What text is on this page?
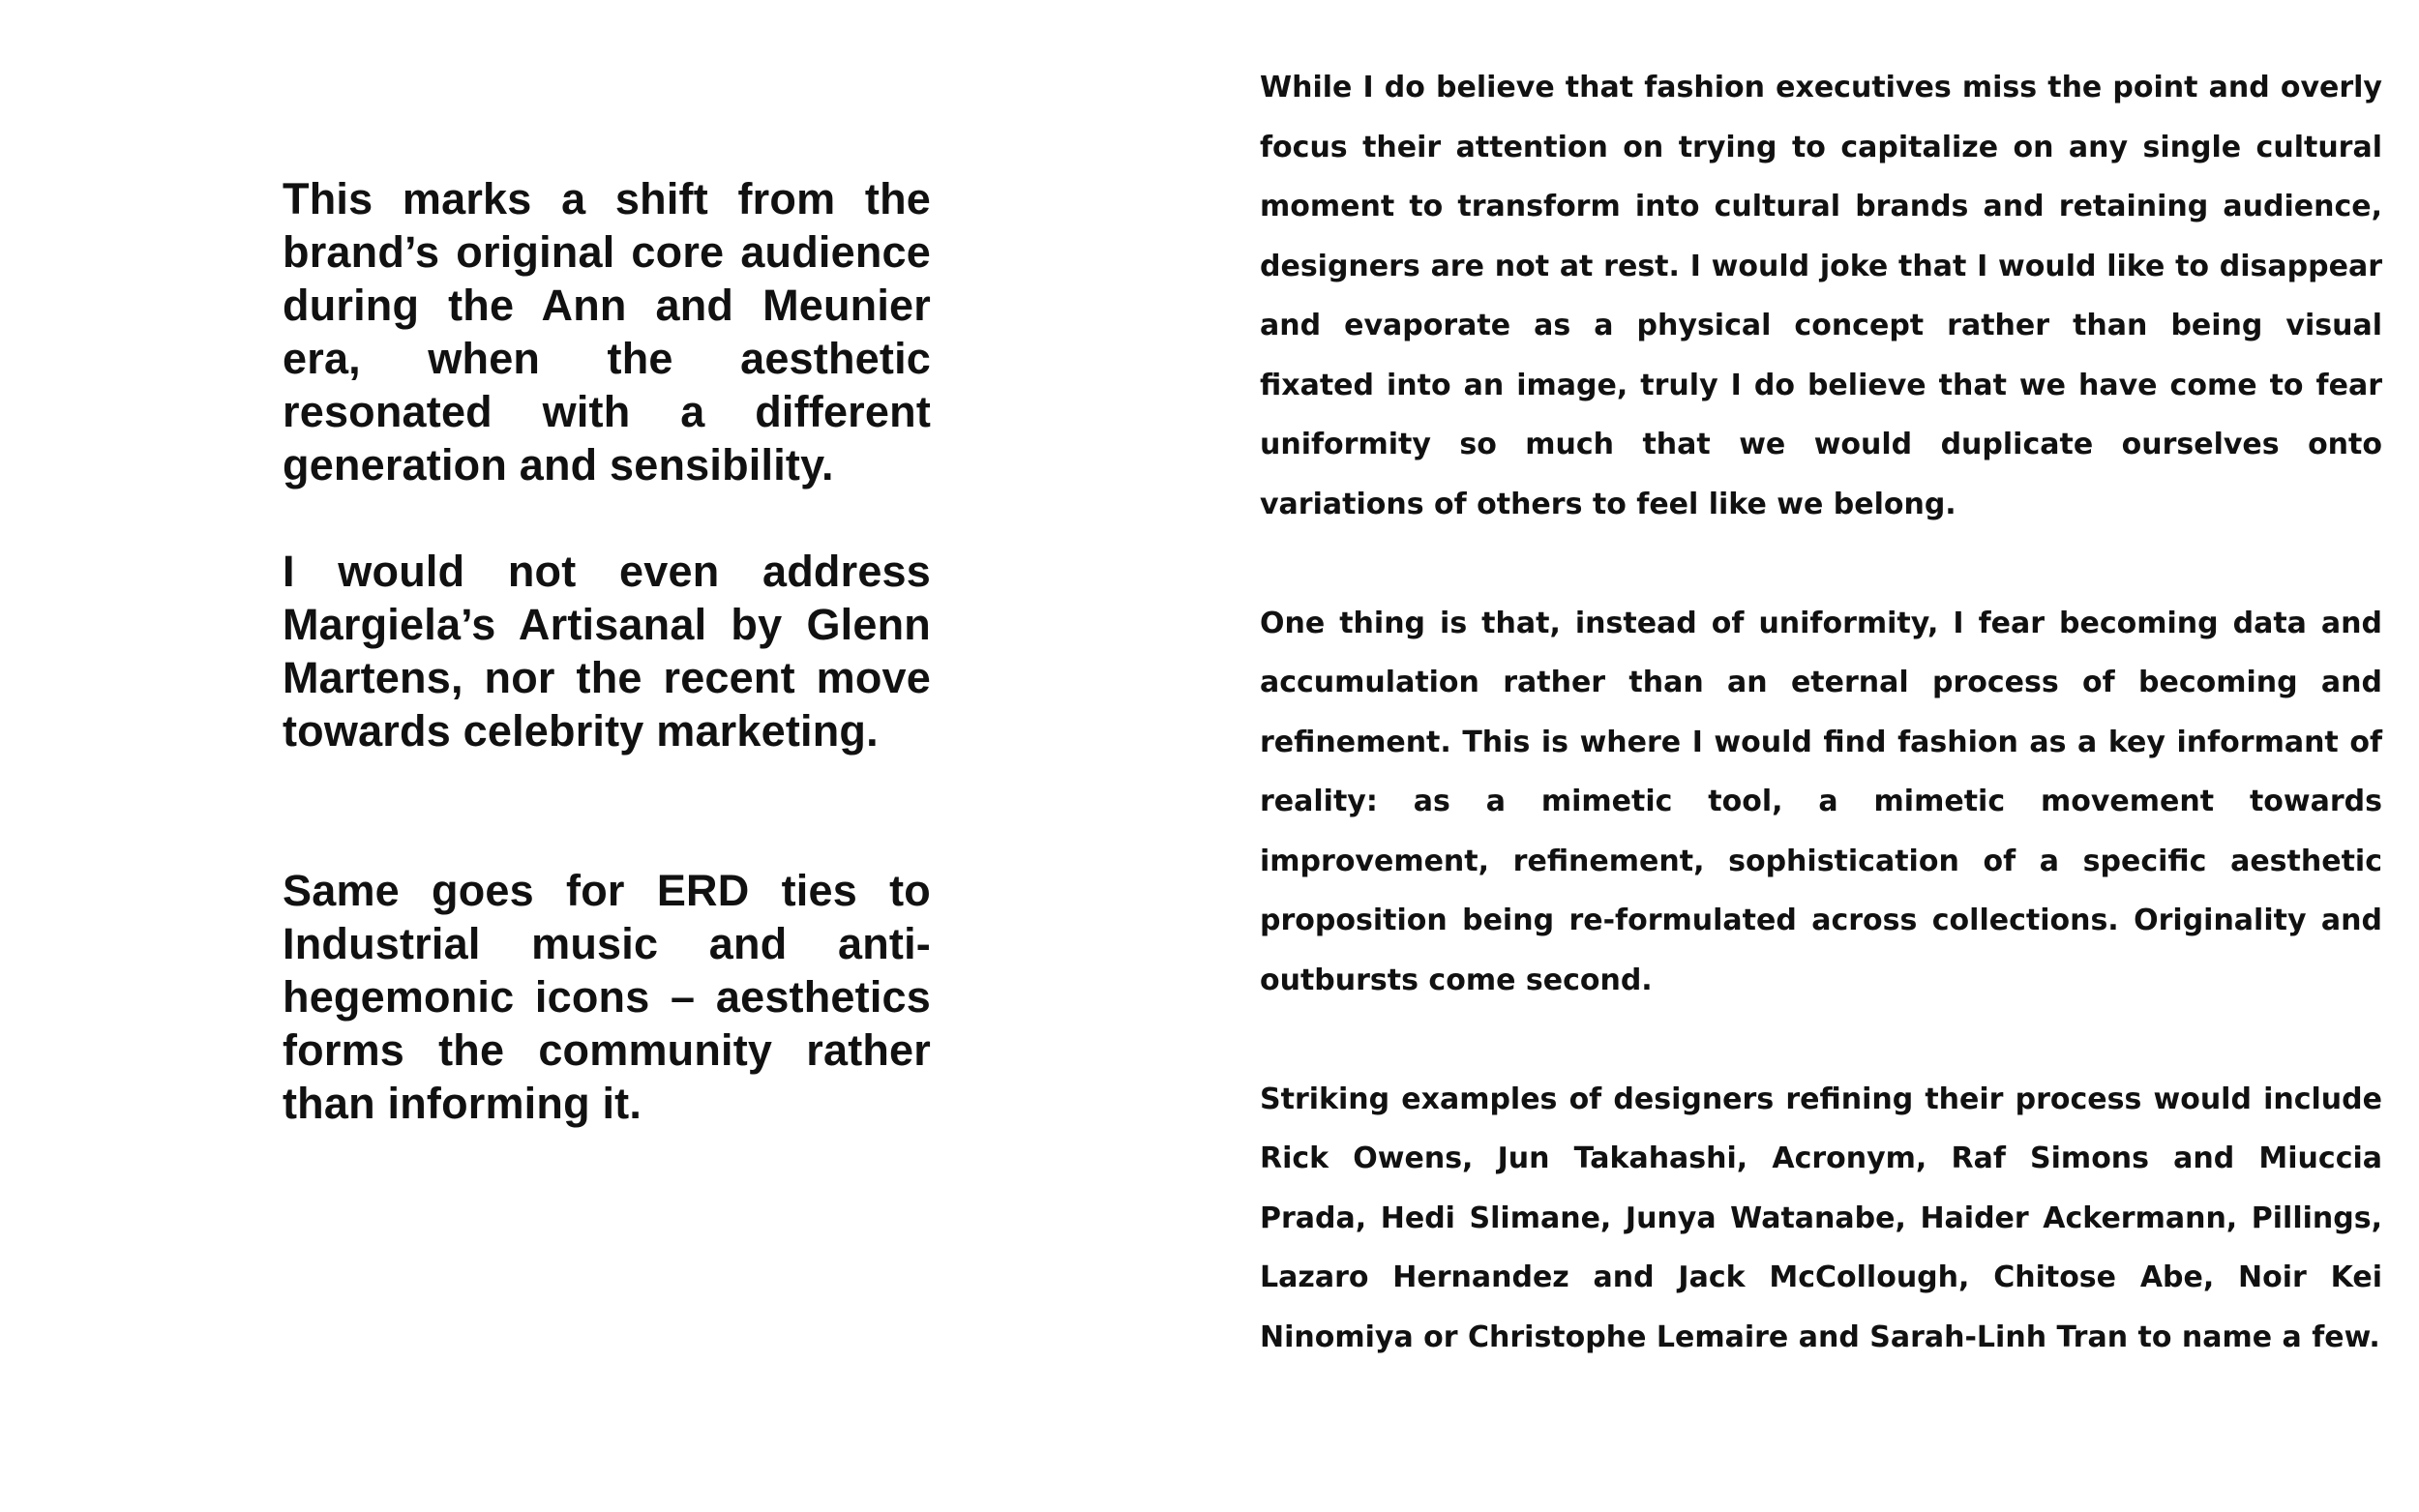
This marks a shift from the brand’s original core audience during the Ann and Meunier era, when the aesthetic resonated with a different generation and sensibility.

I would not even address Margiela’s Artisanal by Glenn Martens, nor the recent move towards celebrity marketing.

Same goes for ERD ties to Industrial music and anti-hegemonic icons – aesthetics forms the community rather than informing it.

While I do believe that fashion executives miss the point and overly focus their attention on trying to capitalize on any single cultural moment to transform into cultural brands and retaining audience, designers are not at rest. I would joke that I would like to disappear and evaporate as a physical concept rather than being visual fixated into an image, truly I do believe that we have come to fear uniformity so much that we would duplicate ourselves onto variations of others to feel like we belong.

One thing is that, instead of uniformity, I fear becoming data and accumulation rather than an eternal process of becoming and refinement. This is where I would find fashion as a key informant of reality: as a mimetic tool, a mimetic movement towards improvement, refinement, sophistication of a specific aesthetic proposition being re-formulated across collections. Originality and outbursts come second.

Striking examples of designers refining their process would include Rick Owens, Jun Takahashi, Acronym, Raf Simons and Miuccia Prada, Hedi Slimane, Junya Watanabe, Haider Ackermann, Pillings, Lazaro Hernandez and Jack McCollough, Chitose Abe, Noir Kei Ninomiya or Christophe Lemaire and Sarah-Linh Tran to name a few.
